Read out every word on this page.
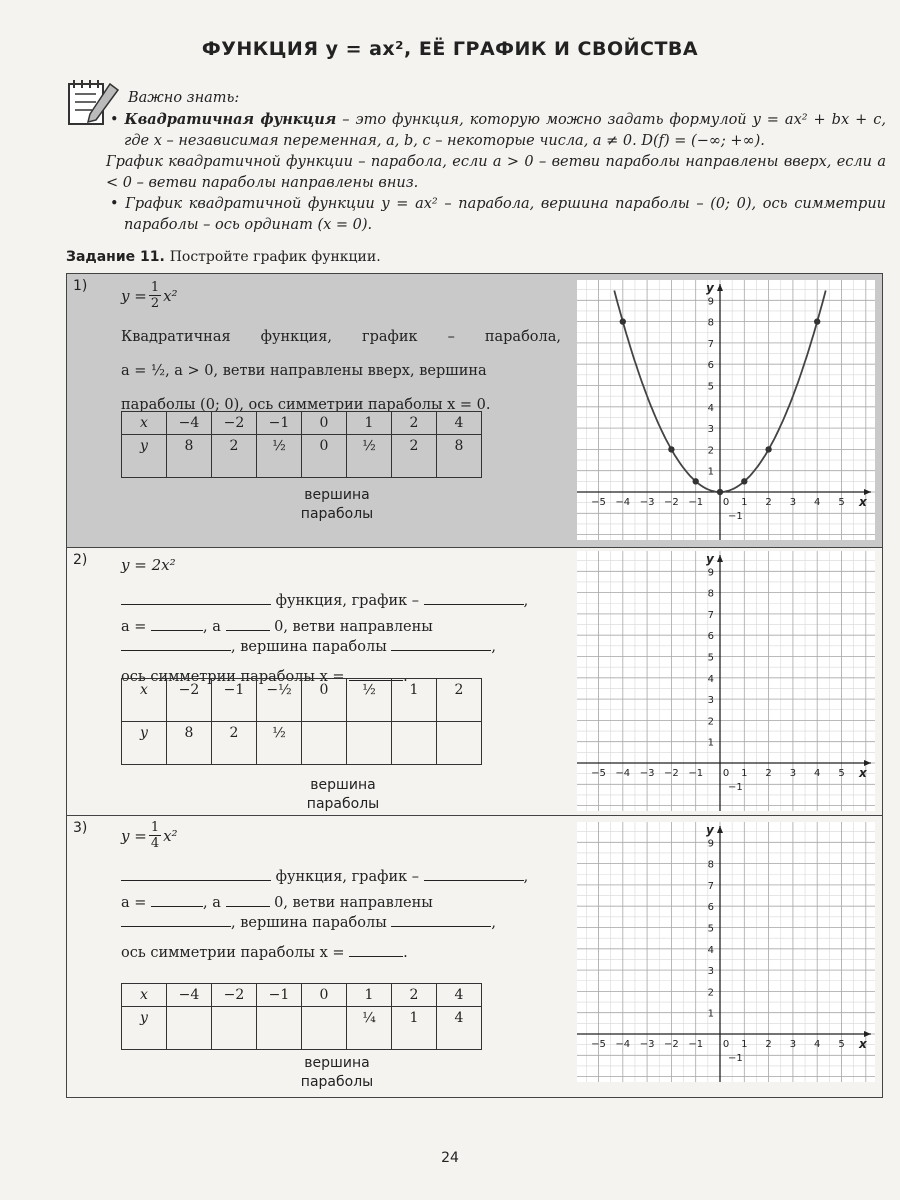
ФУНКЦИЯ y = ax², ЕЁ ГРАФИК И СВОЙСТВА

Важно знать:

• Квадратичная функция – это функция, которую можно задать формулой y = ax² + bx + c, где x – независимая переменная, a, b, c – некоторые числа, a ≠ 0. D(f) = (−∞; +∞).

График квадратичной функции – парабола, если a > 0 – ветви параболы направлены вверх, если a < 0 – ветви параболы направлены вниз.

• График квадратичной функции y = ax² – парабола, вершина параболы – (0; 0), ось симметрии параболы – ось ординат (x = 0).

Задание 11. Постройте график функции.
1)
$y = \frac{1}{2} x^2$
Квадратичная функция, график – парабола,
a = ½, a > 0, ветви направлены вверх, вершина
параболы (0; 0), ось симметрии параболы x = 0.
x	−4	−2	−1	0	1	2	4
y	8	2	½	0	½	2	8
вершина
параболы
−5 −4 −3 −2 −1 0 1 2 3 4 5
1
2
3
4
5
6
7
8
9
−1
x
y
2) y = 2x²
функция, график –	,
a =	, a	0, ветви направлены
, вершина параболы	,
ось симметрии параболы x =	.
x	−2	−1	−½	0	½	1	2
y	8	2	½				
вершина
параболы
−5 −4 −3 −2 −1 0 1 2 3 4 5
1
2
3
4
5
6
7
8
9
−1
x
y
3) $y = \frac{1}{4} x^2$
функция, график –	,
a =	, a	0, ветви направлены
, вершина параболы	,
ось симметрии параболы x =	.
x	−4	−2	−1	0	1	2	4
y					¼	1	4
вершина
параболы
−5 −4 −3 −2 −1 0 1 2 3 4 5
1
2
3
4
5
6
7
8
9
−1
x
y
24
